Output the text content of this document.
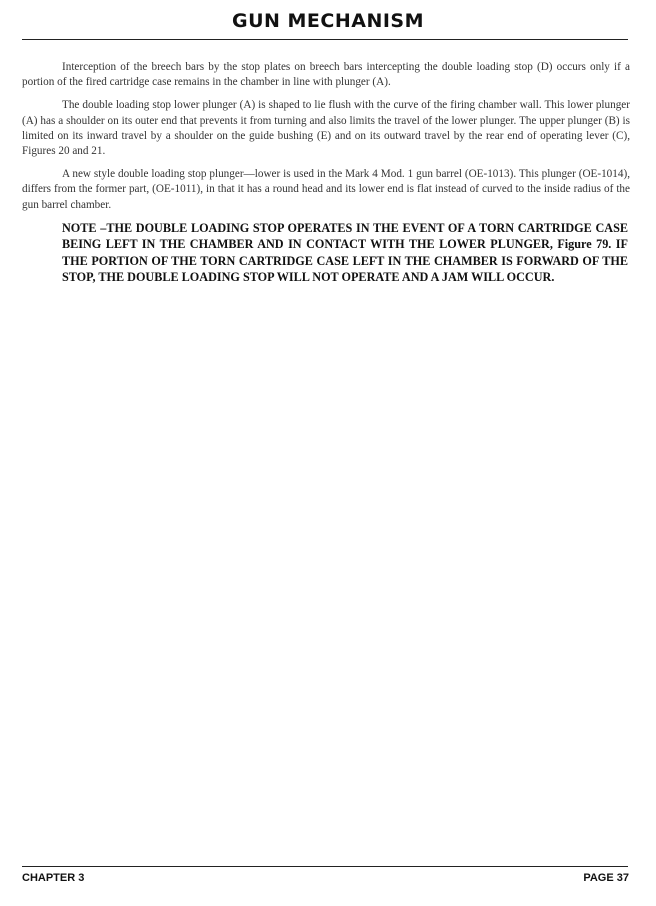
GUN MECHANISM

Interception of the breech bars by the stop plates on breech bars intercepting the double loading stop (D) occurs only if a portion of the fired cartridge case remains in the chamber in line with plunger (A).

The double loading stop lower plunger (A) is shaped to lie flush with the curve of the firing chamber wall. This lower plunger (A) has a shoulder on its outer end that prevents it from turning and also limits the travel of the lower plunger. The upper plunger (B) is limited on its inward travel by a shoulder on the guide bushing (E) and on its outward travel by the rear end of operating lever (C), Figures 20 and 21.

A new style double loading stop plunger—lower is used in the Mark 4 Mod. 1 gun barrel (OE-1013). This plunger (OE-1014), differs from the former part, (OE-1011), in that it has a round head and its lower end is flat instead of curved to the inside radius of the gun barrel chamber.

NOTE –THE DOUBLE LOADING STOP OPERATES IN THE EVENT OF A TORN CARTRIDGE CASE BEING LEFT IN THE CHAMBER AND IN CONTACT WITH THE LOWER PLUNGER, Figure 79. IF THE PORTION OF THE TORN CARTRIDGE CASE LEFT IN THE CHAMBER IS FORWARD OF THE STOP, THE DOUBLE LOADING STOP WILL NOT OPERATE AND A JAM WILL OCCUR.
CHAPTER 3	PAGE 37
